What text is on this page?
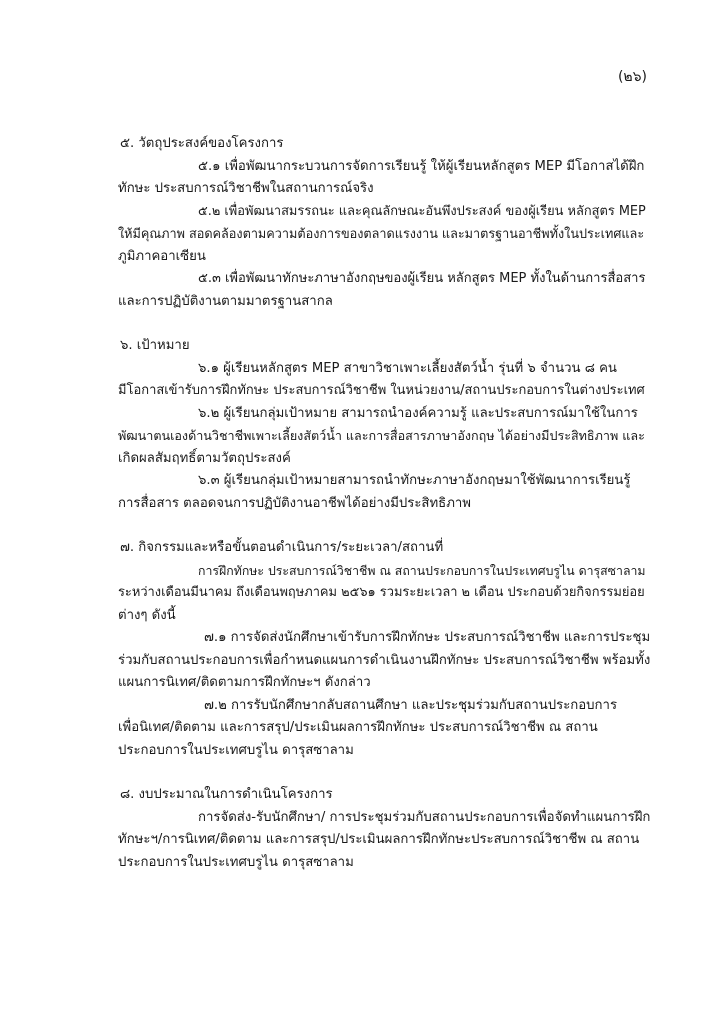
(๒๖)
๕. วัตถุประสงค์ของโครงการ
๕.๑ เพื่อพัฒนากระบวนการจัดการเรียนรู้ ให้ผู้เรียนหลักสูตร MEP มีโอกาสได้ฝึก
ทักษะ ประสบการณ์วิชาชีพในสถานการณ์จริง
๕.๒ เพื่อพัฒนาสมรรถนะ และคุณลักษณะอันพึงประสงค์ ของผู้เรียน หลักสูตร MEP
ให้มีคุณภาพ สอดคล้องตามความต้องการของตลาดแรงงาน และมาตรฐานอาชีพทั้งในประเทศและ
ภูมิภาคอาเซียน
๕.๓ เพื่อพัฒนาทักษะภาษาอังกฤษของผู้เรียน หลักสูตร MEP ทั้งในด้านการสื่อสาร
และการปฏิบัติงานตามมาตรฐานสากล
๖. เป้าหมาย
๖.๑ ผู้เรียนหลักสูตร MEP สาขาวิชาเพาะเลี้ยงสัตว์น้ำ รุ่นที่ ๖ จำนวน ๘ คน
มีโอกาสเข้ารับการฝึกทักษะ ประสบการณ์วิชาชีพ ในหน่วยงาน/สถานประกอบการในต่างประเทศ
๖.๒ ผู้เรียนกลุ่มเป้าหมาย สามารถนำองค์ความรู้ และประสบการณ์มาใช้ในการ
พัฒนาตนเองด้านวิชาชีพเพาะเลี้ยงสัตว์น้ำ และการสื่อสารภาษาอังกฤษ ได้อย่างมีประสิทธิภาพ และ
เกิดผลสัมฤทธิ์ตามวัตถุประสงค์
๖.๓ ผู้เรียนกลุ่มเป้าหมายสามารถนำทักษะภาษาอังกฤษมาใช้พัฒนาการเรียนรู้
การสื่อสาร ตลอดจนการปฏิบัติงานอาชีพได้อย่างมีประสิทธิภาพ
๗. กิจกรรมและหรือขั้นตอนดำเนินการ/ระยะเวลา/สถานที่
การฝึกทักษะ ประสบการณ์วิชาชีพ ณ สถานประกอบการในประเทศบรูไน ดารุสซาลาม
ระหว่างเดือนมีนาคม ถึงเดือนพฤษภาคม ๒๕๖๑ รวมระยะเวลา ๒ เดือน ประกอบด้วยกิจกรรมย่อย
ต่างๆ ดังนี้
๗.๑ การจัดส่งนักศึกษาเข้ารับการฝึกทักษะ ประสบการณ์วิชาชีพ และการประชุม
ร่วมกับสถานประกอบการเพื่อกำหนดแผนการดำเนินงานฝึกทักษะ ประสบการณ์วิชาชีพ พร้อมทั้ง
แผนการนิเทศ/ติดตามการฝึกทักษะฯ ดังกล่าว
๗.๒ การรับนักศึกษากลับสถานศึกษา และประชุมร่วมกับสถานประกอบการ
เพื่อนิเทศ/ติดตาม และการสรุป/ประเมินผลการฝึกทักษะ ประสบการณ์วิชาชีพ ณ สถาน
ประกอบการในประเทศบรูไน ดารุสซาลาม
๘. งบประมาณในการดำเนินโครงการ
การจัดส่ง-รับนักศึกษา/ การประชุมร่วมกับสถานประกอบการเพื่อจัดทำแผนการฝึก
ทักษะฯ/การนิเทศ/ติดตาม และการสรุป/ประเมินผลการฝึกทักษะประสบการณ์วิชาชีพ ณ สถาน
ประกอบการในประเทศบรูไน ดารุสซาลาม
